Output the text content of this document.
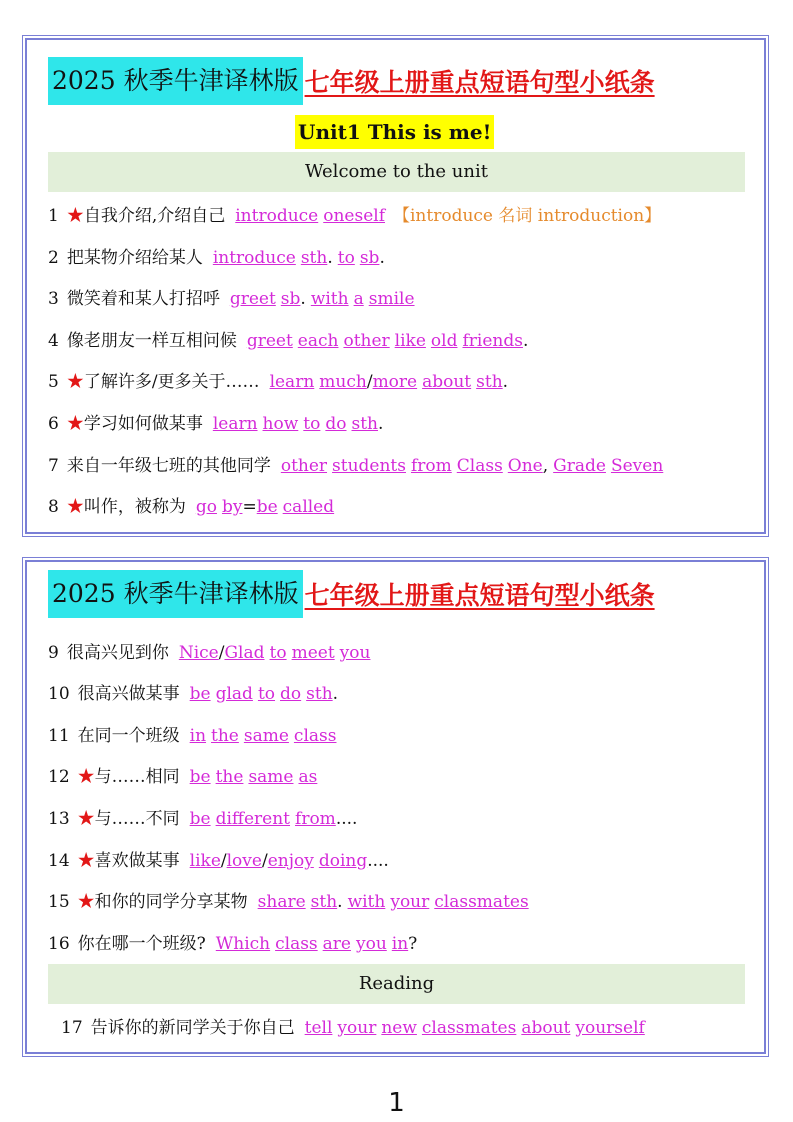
2025 秋季牛津译林版 七年级上册重点短语句型小纸条
Unit1 This is me!
Welcome to the unit
1 ★自我介绍,介绍自己 introduce oneself 【introduce 名词 introduction】
2 把某物介绍给某人 introduce sth. to sb.
3 微笑着和某人打招呼 greet sb. with a smile
4 像老朋友一样互相问候 greet each other like old friends.
5 ★了解许多/更多关于…… learn much/more about sth.
6 ★学习如何做某事 learn how to do sth.
7 来自一年级七班的其他同学 other students from Class One, Grade Seven
8 ★叫作，被称为 go by=be called
2025 秋季牛津译林版 七年级上册重点短语句型小纸条
Reading
9 很高兴见到你 Nice/Glad to meet you
10 很高兴做某事 be glad to do sth.
11 在同一个班级 in the same class
12 ★与……相同 be the same as
13 ★与……不同 be different from....
14 ★喜欢做某事 like/love/enjoy doing....
15 ★和你的同学分享某物 share sth. with your classmates
16 你在哪一个班级? Which class are you in?
17 告诉你的新同学关于你自己 tell your new classmates about yourself
1
